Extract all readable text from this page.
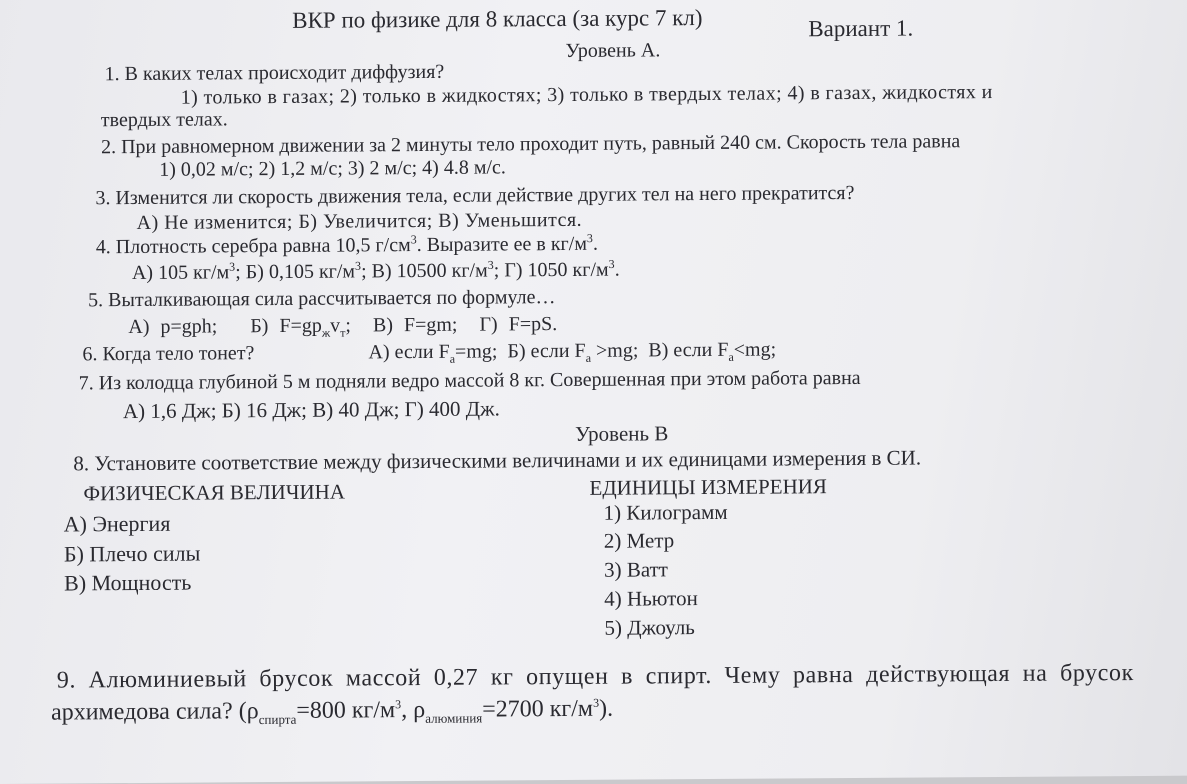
ВКР по физике для 8 класса (за курс 7 кл)	Вариант 1.
Уровень А.
1. В каких телах происходит диффузия?
1) только в газах; 2) только в жидкостях; 3) только в твердых телах; 4) в газах, жидкостях и
твердых телах.
2. При равномерном движении за 2 минуты тело проходит путь, равный 240 см. Скорость тела равна
1) 0,02 м/с; 2) 1,2 м/с; 3) 2 м/с; 4) 4.8 м/с.
3. Изменится ли скорость движения тела, если действие других тел на него прекратится?
А) Не изменится; Б) Увеличится; В) Уменьшится.
4. Плотность серебра равна 10,5 $г/см^3$. Выразите ее в $кг/м^3$.
А) 105 $кг/м^3$; Б) 0,105 $кг/м^3$; В) 10500 $кг/м^3$; Г) 1050 $кг/м^3$.
5. Выталкивающая сила рассчитывается по формуле…
А) p=gph; Б) $F=gp_жv_т$; В) F=gm; Г) F=pS.
6. Когда тело тонет?	А) если $F_a=mg$; Б) если $F_a >mg$; В) если $F_a<mg$;
7. Из колодца глубиной 5 м подняли ведро массой 8 кг. Совершенная при этом работа равна
А) 1,6 Дж; Б) 16 Дж; В) 40 Дж; Г) 400 Дж.
Уровень В
8. Установите соответствие между физическими величинами и их единицами измерения в СИ.
ФИЗИЧЕСКАЯ ВЕЛИЧИНА	ЕДИНИЦЫ ИЗМЕРЕНИЯ
А) Энергия
Б) Плечо силы
В) Мощность
1) Килограмм
2) Метр
3) Ватт
4) Ньютон
5) Джоуль
9. Алюминиевый брусок массой 0,27 кг опущен в спирт. Чему равна действующая на брусок
архимедова сила? ($\rho_{спирта}=800$ $кг/м^3$, $\rho_{алюминия}=2700$ $кг/м^3$).
